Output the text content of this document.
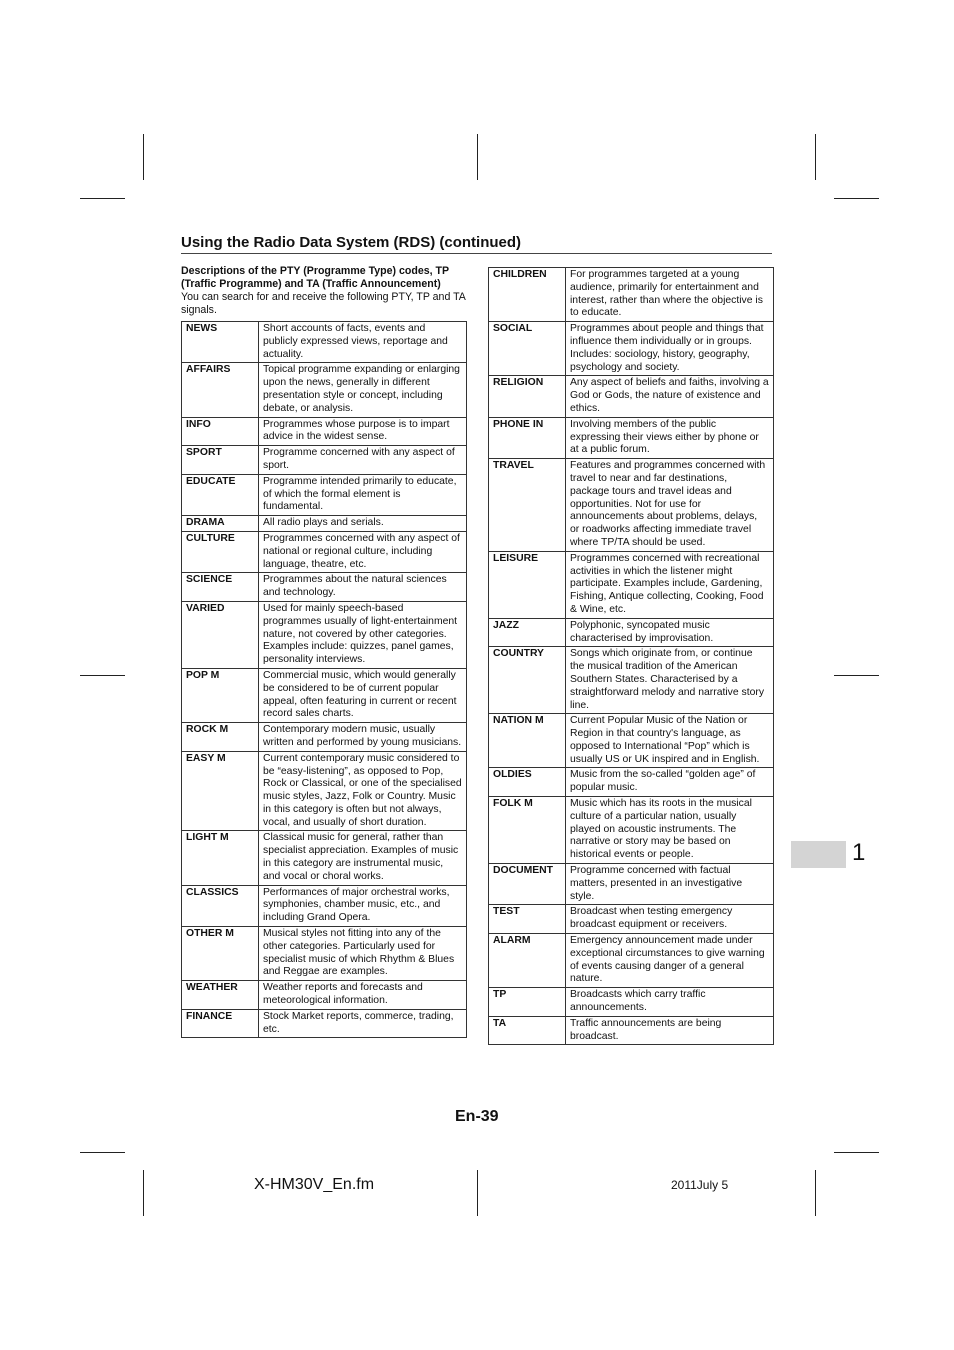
Using the Radio Data System (RDS) (continued)
Descriptions of the PTY (Programme Type) codes, TP (Traffic Programme) and TA (Traffic Announcement)
You can search for and receive the following PTY, TP and TA signals.
NEWS	Short accounts of facts, events and publicly expressed views, reportage and actuality.
AFFAIRS	Topical programme expanding or enlarging upon the news, generally in different presentation style or concept, including debate, or analysis.
INFO	Programmes whose purpose is to impart advice in the widest sense.
SPORT	Programme concerned with any aspect of sport.
EDUCATE	Programme intended primarily to educate, of which the formal element is fundamental.
DRAMA	All radio plays and serials.
CULTURE	Programmes concerned with any aspect of national or regional culture, including language, theatre, etc.
SCIENCE	Programmes about the natural sciences and technology.
VARIED	Used for mainly speech-based programmes usually of light-entertainment nature, not covered by other categories. Examples include: quizzes, panel games, personality interviews.
POP M	Commercial music, which would generally be considered to be of current popular appeal, often featuring in current or recent record sales charts.
ROCK M	Contemporary modern music, usually written and performed by young musicians.
EASY M	Current contemporary music considered to be “easy-listening”, as opposed to Pop, Rock or Classical, or one of the specialised music styles, Jazz, Folk or Country. Music in this category is often but not always, vocal, and usually of short duration.
LIGHT M	Classical music for general, rather than specialist appreciation. Examples of music in this category are instrumental music, and vocal or choral works.
CLASSICS	Performances of major orchestral works, symphonies, chamber music, etc., and including Grand Opera.
OTHER M	Musical styles not fitting into any of the other categories. Particularly used for specialist music of which Rhythm & Blues and Reggae are examples.
WEATHER	Weather reports and forecasts and meteorological information.
FINANCE	Stock Market reports, commerce, trading, etc.
CHILDREN	For programmes targeted at a young audience, primarily for entertainment and interest, rather than where the objective is to educate.
SOCIAL	Programmes about people and things that influence them individually or in groups. Includes: sociology, history, geography, psychology and society.
RELIGION	Any aspect of beliefs and faiths, involving a God or Gods, the nature of existence and ethics.
PHONE IN	Involving members of the public expressing their views either by phone or at a public forum.
TRAVEL	Features and programmes concerned with travel to near and far destinations, package tours and travel ideas and opportunities. Not for use for announcements about problems, delays, or roadworks affecting immediate travel where TP/TA should be used.
LEISURE	Programmes concerned with recreational activities in which the listener might participate. Examples include, Gardening, Fishing, Antique collecting, Cooking, Food & Wine, etc.
JAZZ	Polyphonic, syncopated music characterised by improvisation.
COUNTRY	Songs which originate from, or continue the musical tradition of the American Southern States. Characterised by a straightforward melody and narrative story line.
NATION M	Current Popular Music of the Nation or Region in that country's language, as opposed to International “Pop” which is usually US or UK inspired and in English.
OLDIES	Music from the so-called “golden age” of popular music.
FOLK M	Music which has its roots in the musical culture of a particular nation, usually played on acoustic instruments. The narrative or story may be based on historical events or people.
DOCUMENT	Programme concerned with factual matters, presented in an investigative style.
TEST	Broadcast when testing emergency broadcast equipment or receivers.
ALARM	Emergency announcement made under exceptional circumstances to give warning of events causing danger of a general nature.
TP	Broadcasts which carry traffic announcements.
TA	Traffic announcements are being broadcast.
En-39
1
X-HM30V_En.fm	2011July 5
